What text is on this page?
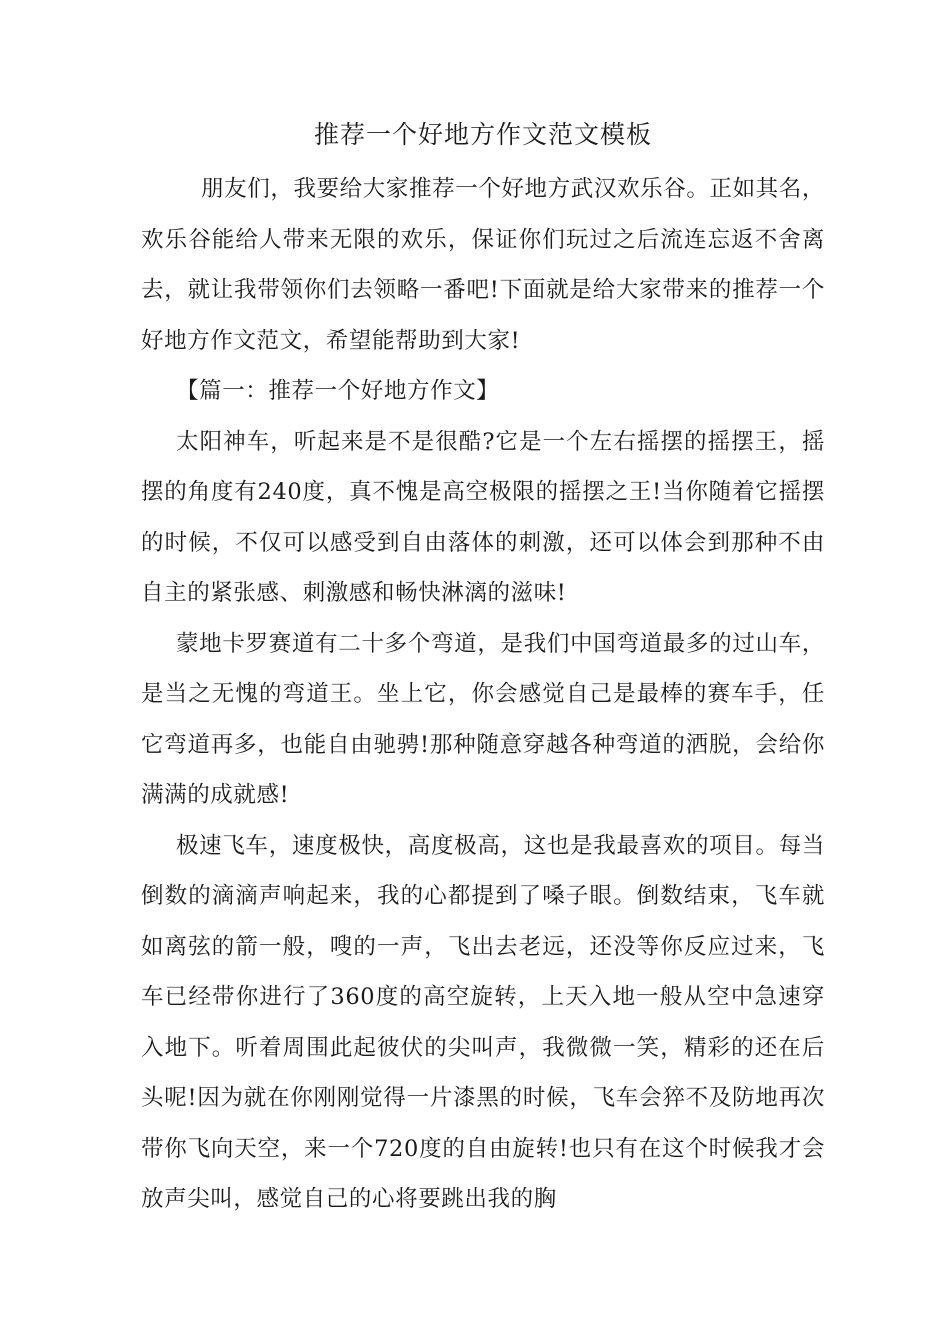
推荐一个好地方作文范文模板

朋友们，我要给大家推荐一个好地方武汉欢乐谷。正如其名，欢乐谷能给人带来无限的欢乐，保证你们玩过之后流连忘返不舍离去，就让我带领你们去领略一番吧!下面就是给大家带来的推荐一个好地方作文范文，希望能帮助到大家!

【篇一：推荐一个好地方作文】

太阳神车，听起来是不是很酷?它是一个左右摇摆的摇摆王，摇摆的角度有240度，真不愧是高空极限的摇摆之王!当你随着它摇摆的时候，不仅可以感受到自由落体的刺激，还可以体会到那种不由自主的紧张感、刺激感和畅快淋漓的滋味!

蒙地卡罗赛道有二十多个弯道，是我们中国弯道最多的过山车，是当之无愧的弯道王。坐上它，你会感觉自己是最棒的赛车手，任它弯道再多，也能自由驰骋!那种随意穿越各种弯道的洒脱，会给你满满的成就感!

极速飞车，速度极快，高度极高，这也是我最喜欢的项目。每当倒数的滴滴声响起来，我的心都提到了嗓子眼。倒数结束，飞车就如离弦的箭一般，嗖的一声，飞出去老远，还没等你反应过来，飞车已经带你进行了360度的高空旋转，上天入地一般从空中急速穿入地下。听着周围此起彼伏的尖叫声，我微微一笑，精彩的还在后头呢!因为就在你刚刚觉得一片漆黑的时候，飞车会猝不及防地再次带你飞向天空，来一个720度的自由旋转!也只有在这个时候我才会放声尖叫，感觉自己的心将要跳出我的胸
